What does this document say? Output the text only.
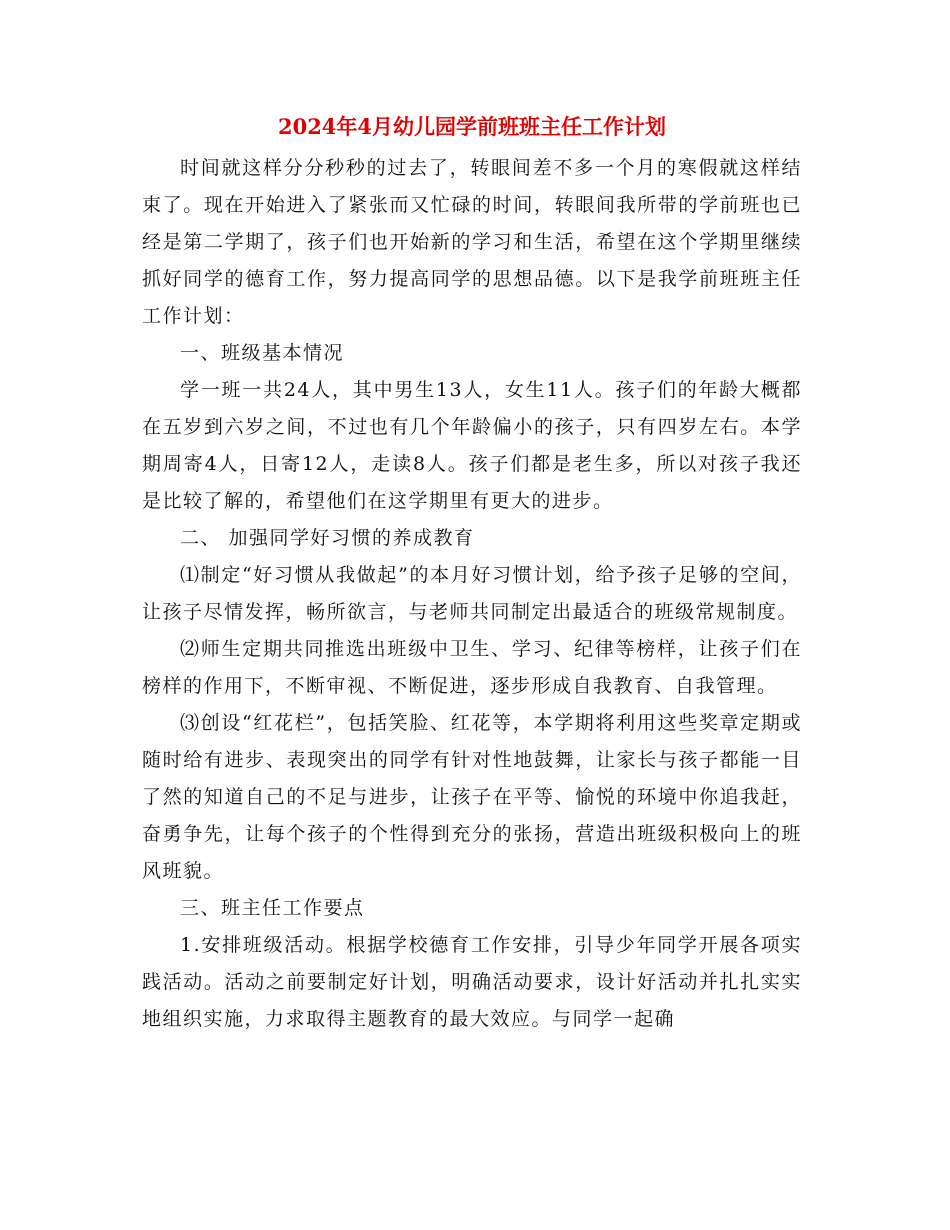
2024年4月幼儿园学前班班主任工作计划

时间就这样分分秒秒的过去了，转眼间差不多一个月的寒假就这样结束了。现在开始进入了紧张而又忙碌的时间，转眼间我所带的学前班也已经是第二学期了，孩子们也开始新的学习和生活，希望在这个学期里继续抓好同学的德育工作，努力提高同学的思想品德。以下是我学前班班主任工作计划：

一、班级基本情况

学一班一共24人，其中男生13人，女生11人。孩子们的年龄大概都在五岁到六岁之间，不过也有几个年龄偏小的孩子，只有四岁左右。本学期周寄4人，日寄12人，走读8人。孩子们都是老生多，所以对孩子我还是比较了解的，希望他们在这学期里有更大的进步。

二、 加强同学好习惯的养成教育

⑴制定“好习惯从我做起”的本月好习惯计划，给予孩子足够的空间，让孩子尽情发挥，畅所欲言，与老师共同制定出最适合的班级常规制度。

⑵师生定期共同推选出班级中卫生、学习、纪律等榜样，让孩子们在榜样的作用下，不断审视、不断促进，逐步形成自我教育、自我管理。

⑶创设“红花栏”，包括笑脸、红花等，本学期将利用这些奖章定期或随时给有进步、表现突出的同学有针对性地鼓舞，让家长与孩子都能一目了然的知道自己的不足与进步，让孩子在平等、愉悦的环境中你追我赶，奋勇争先，让每个孩子的个性得到充分的张扬，营造出班级积极向上的班风班貌。

三、班主任工作要点

1.安排班级活动。根据学校德育工作安排，引导少年同学开展各项实践活动。活动之前要制定好计划，明确活动要求，设计好活动并扎扎实实地组织实施，力求取得主题教育的最大效应。与同学一起确
